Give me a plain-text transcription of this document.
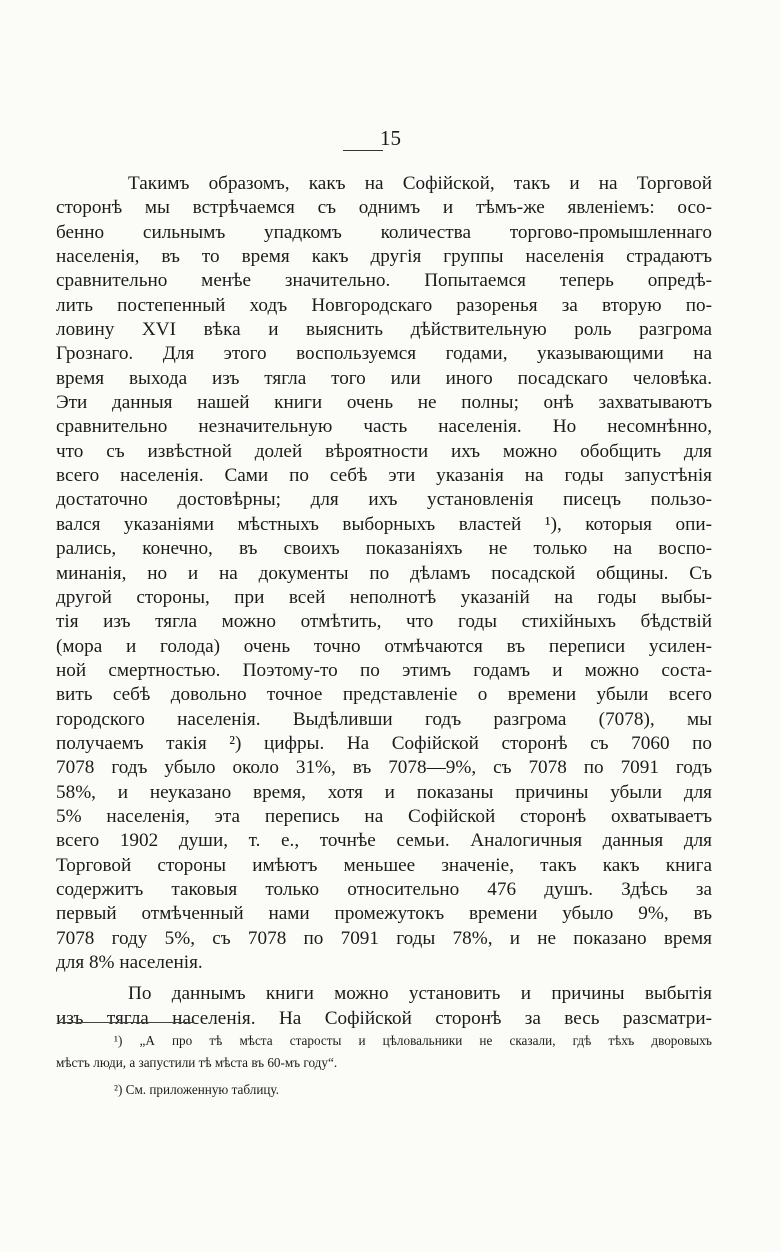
15
Такимъ образомъ, какъ на Софійской, такъ и на Торговой
сторонѣ мы встрѣчаемся съ однимъ и тѣмъ-же явленіемъ: осо-
бенно сильнымъ упадкомъ количества торгово-промышленнаго
населенія, въ то время какъ другія группы населенія страдаютъ
сравнительно менѣе значительно. Попытаемся теперь опредѣ-
лить постепенный ходъ Новгородскаго разоренья за вторую по-
ловину XVI вѣка и выяснить дѣйствительную роль разгрома
Грознаго. Для этого воспользуемся годами, указывающими на
время выхода изъ тягла того или иного посадскаго человѣка.
Эти данныя нашей книги очень не полны; онѣ захватываютъ
сравнительно незначительную часть населенія. Но несомнѣнно,
что съ извѣстной долей вѣроятности ихъ можно обобщить для
всего населенія. Сами по себѣ эти указанія на годы запустѣнія
достаточно достовѣрны; для ихъ установленія писецъ пользо-
вался указаніями мѣстныхъ выборныхъ властей ¹), которыя опи-
рались, конечно, въ своихъ показаніяхъ не только на воспо-
минанія, но и на документы по дѣламъ посадской общины. Съ
другой стороны, при всей неполнотѣ указаній на годы выбы-
тія изъ тягла можно отмѣтить, что годы стихійныхъ бѣдствій
(мора и голода) очень точно отмѣчаются въ переписи усилен-
ной смертностью. Поэтому-то по этимъ годамъ и можно соста-
вить себѣ довольно точное представленіе о времени убыли всего
городского населенія. Выдѣливши годъ разгрома (7078), мы
получаемъ такія ²) цифры. На Софійской сторонѣ съ 7060 по
7078 годъ убыло около 31%, въ 7078—9%, съ 7078 по 7091 годъ
58%, и неуказано время, хотя и показаны причины убыли для
5% населенія, эта перепись на Софійской сторонѣ охватываетъ
всего 1902 души, т. е., точнѣе семьи. Аналогичныя данныя для
Торговой стороны имѣютъ меньшее значеніе, такъ какъ книга
содержитъ таковыя только относительно 476 душъ. Здѣсь за
первый отмѣченный нами промежутокъ времени убыло 9%, въ
7078 году 5%, съ 7078 по 7091 годы 78%, и не показано время
для 8% населенія.
По даннымъ книги можно установить и причины выбытія
изъ тягла населенія. На Софійской сторонѣ за весь разсматри-
¹) „А про тѣ мѣста старосты и цѣловальники не сказали, гдѣ тѣхъ дворовыхъ
мѣстъ люди, а запустили тѣ мѣста въ 60-мъ году“.
²) См. приложенную таблицу.
